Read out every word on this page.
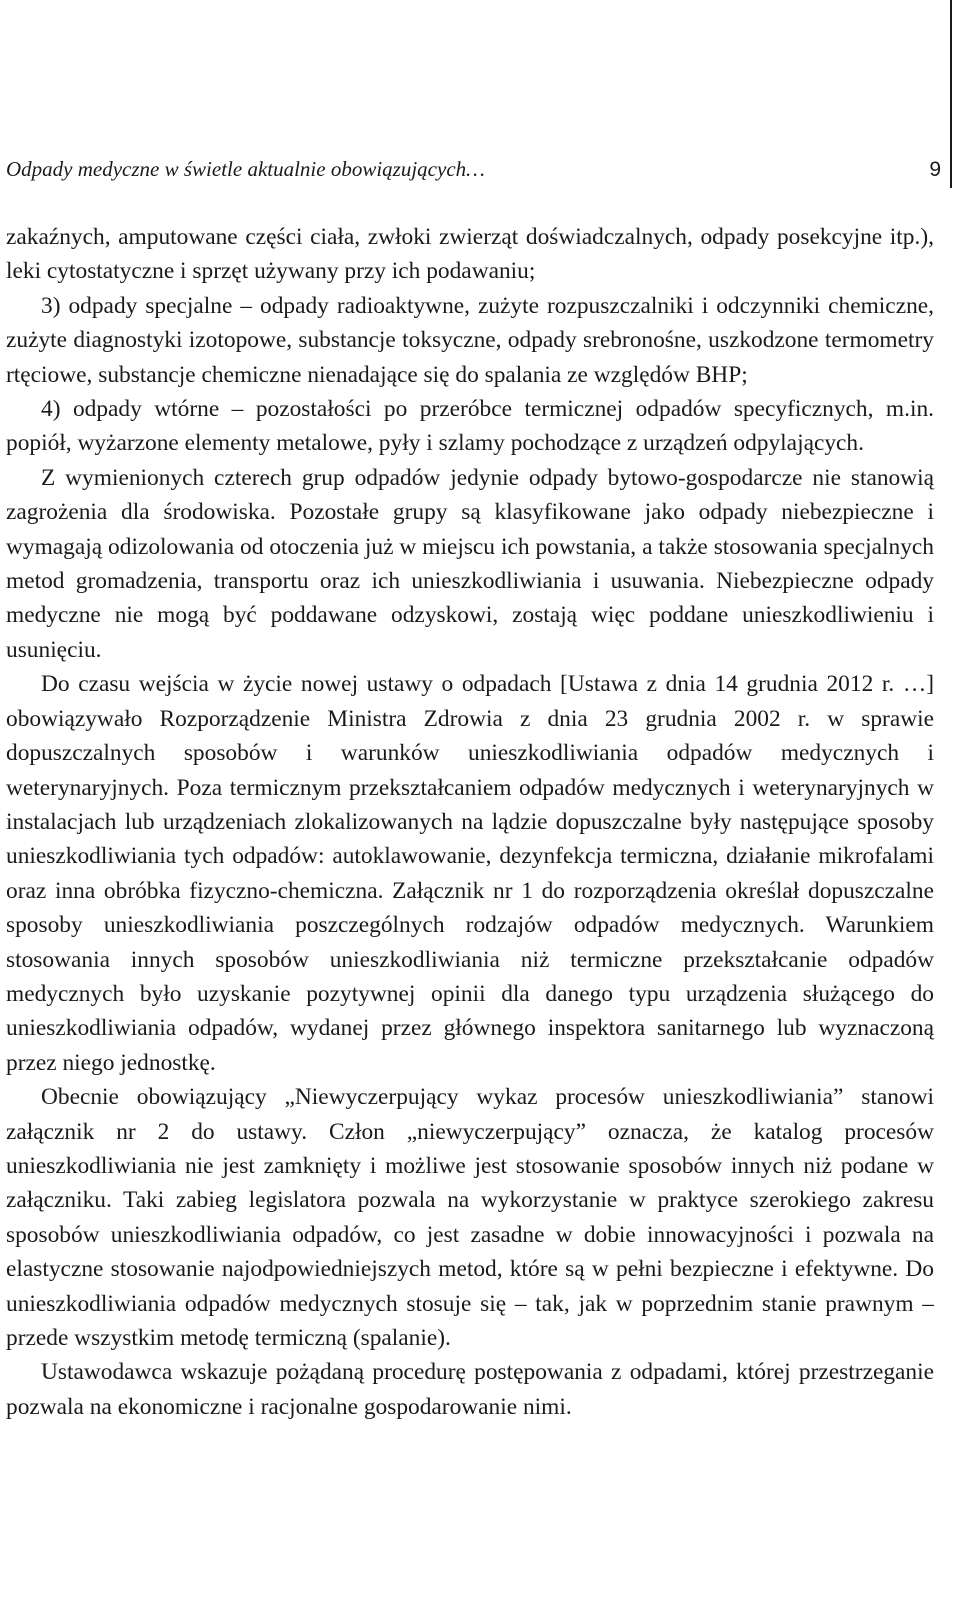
Odpady medyczne w świetle aktualnie obowiązujących…	9

zakaźnych, amputowane części ciała, zwłoki zwierząt doświadczalnych, odpady posekcyjne itp.), leki cytostatyczne i sprzęt używany przy ich podawaniu;

3) odpady specjalne – odpady radioaktywne, zużyte rozpuszczalniki i odczynniki chemiczne, zużyte diagnostyki izotopowe, substancje toksyczne, odpady srebronośne, uszkodzone termometry rtęciowe, substancje chemiczne nienadające się do spalania ze względów BHP;

4) odpady wtórne – pozostałości po przeróbce termicznej odpadów specyficznych, m.in. popiół, wyżarzone elementy metalowe, pyły i szlamy pochodzące z urządzeń odpylających.

Z wymienionych czterech grup odpadów jedynie odpady bytowo-gospodarcze nie stanowią zagrożenia dla środowiska. Pozostałe grupy są klasyfikowane jako odpady niebezpieczne i wymagają odizolowania od otoczenia już w miejscu ich powstania, a także stosowania specjalnych metod gromadzenia, transportu oraz ich unieszkodliwiania i usuwania. Niebezpieczne odpady medyczne nie mogą być poddawane odzyskowi, zostają więc poddane unieszkodliwieniu i usunięciu.

Do czasu wejścia w życie nowej ustawy o odpadach [Ustawa z dnia 14 grudnia 2012 r. …] obowiązywało Rozporządzenie Ministra Zdrowia z dnia 23 grudnia 2002 r. w sprawie dopuszczalnych sposobów i warunków unieszkodliwiania odpadów medycznych i weterynaryjnych. Poza termicznym przekształcaniem odpadów medycznych i weterynaryjnych w instalacjach lub urządzeniach zlokalizowanych na lądzie dopuszczalne były następujące sposoby unieszkodliwiania tych odpadów: autoklawowanie, dezynfekcja termiczna, działanie mikrofalami oraz inna obróbka fizyczno-chemiczna. Załącznik nr 1 do rozporządzenia określał dopuszczalne sposoby unieszkodliwiania poszczególnych rodzajów odpadów medycznych. Warunkiem stosowania innych sposobów unieszkodliwiania niż termiczne przekształcanie odpadów medycznych było uzyskanie pozytywnej opinii dla danego typu urządzenia służącego do unieszkodliwiania odpadów, wydanej przez głównego inspektora sanitarnego lub wyznaczoną przez niego jednostkę.

Obecnie obowiązujący „Niewyczerpujący wykaz procesów unieszkodliwiania” stanowi załącznik nr 2 do ustawy. Człon „niewyczerpujący” oznacza, że katalog procesów unieszkodliwiania nie jest zamknięty i możliwe jest stosowanie sposobów innych niż podane w załączniku. Taki zabieg legislatora pozwala na wykorzystanie w praktyce szerokiego zakresu sposobów unieszkodliwiania odpadów, co jest zasadne w dobie innowacyjności i pozwala na elastyczne stosowanie najodpowiedniejszych metod, które są w pełni bezpieczne i efektywne. Do unieszkodliwiania odpadów medycznych stosuje się – tak, jak w poprzednim stanie prawnym – przede wszystkim metodę termiczną (spalanie).

Ustawodawca wskazuje pożądaną procedurę postępowania z odpadami, której przestrzeganie pozwala na ekonomiczne i racjonalne gospodarowanie nimi.
